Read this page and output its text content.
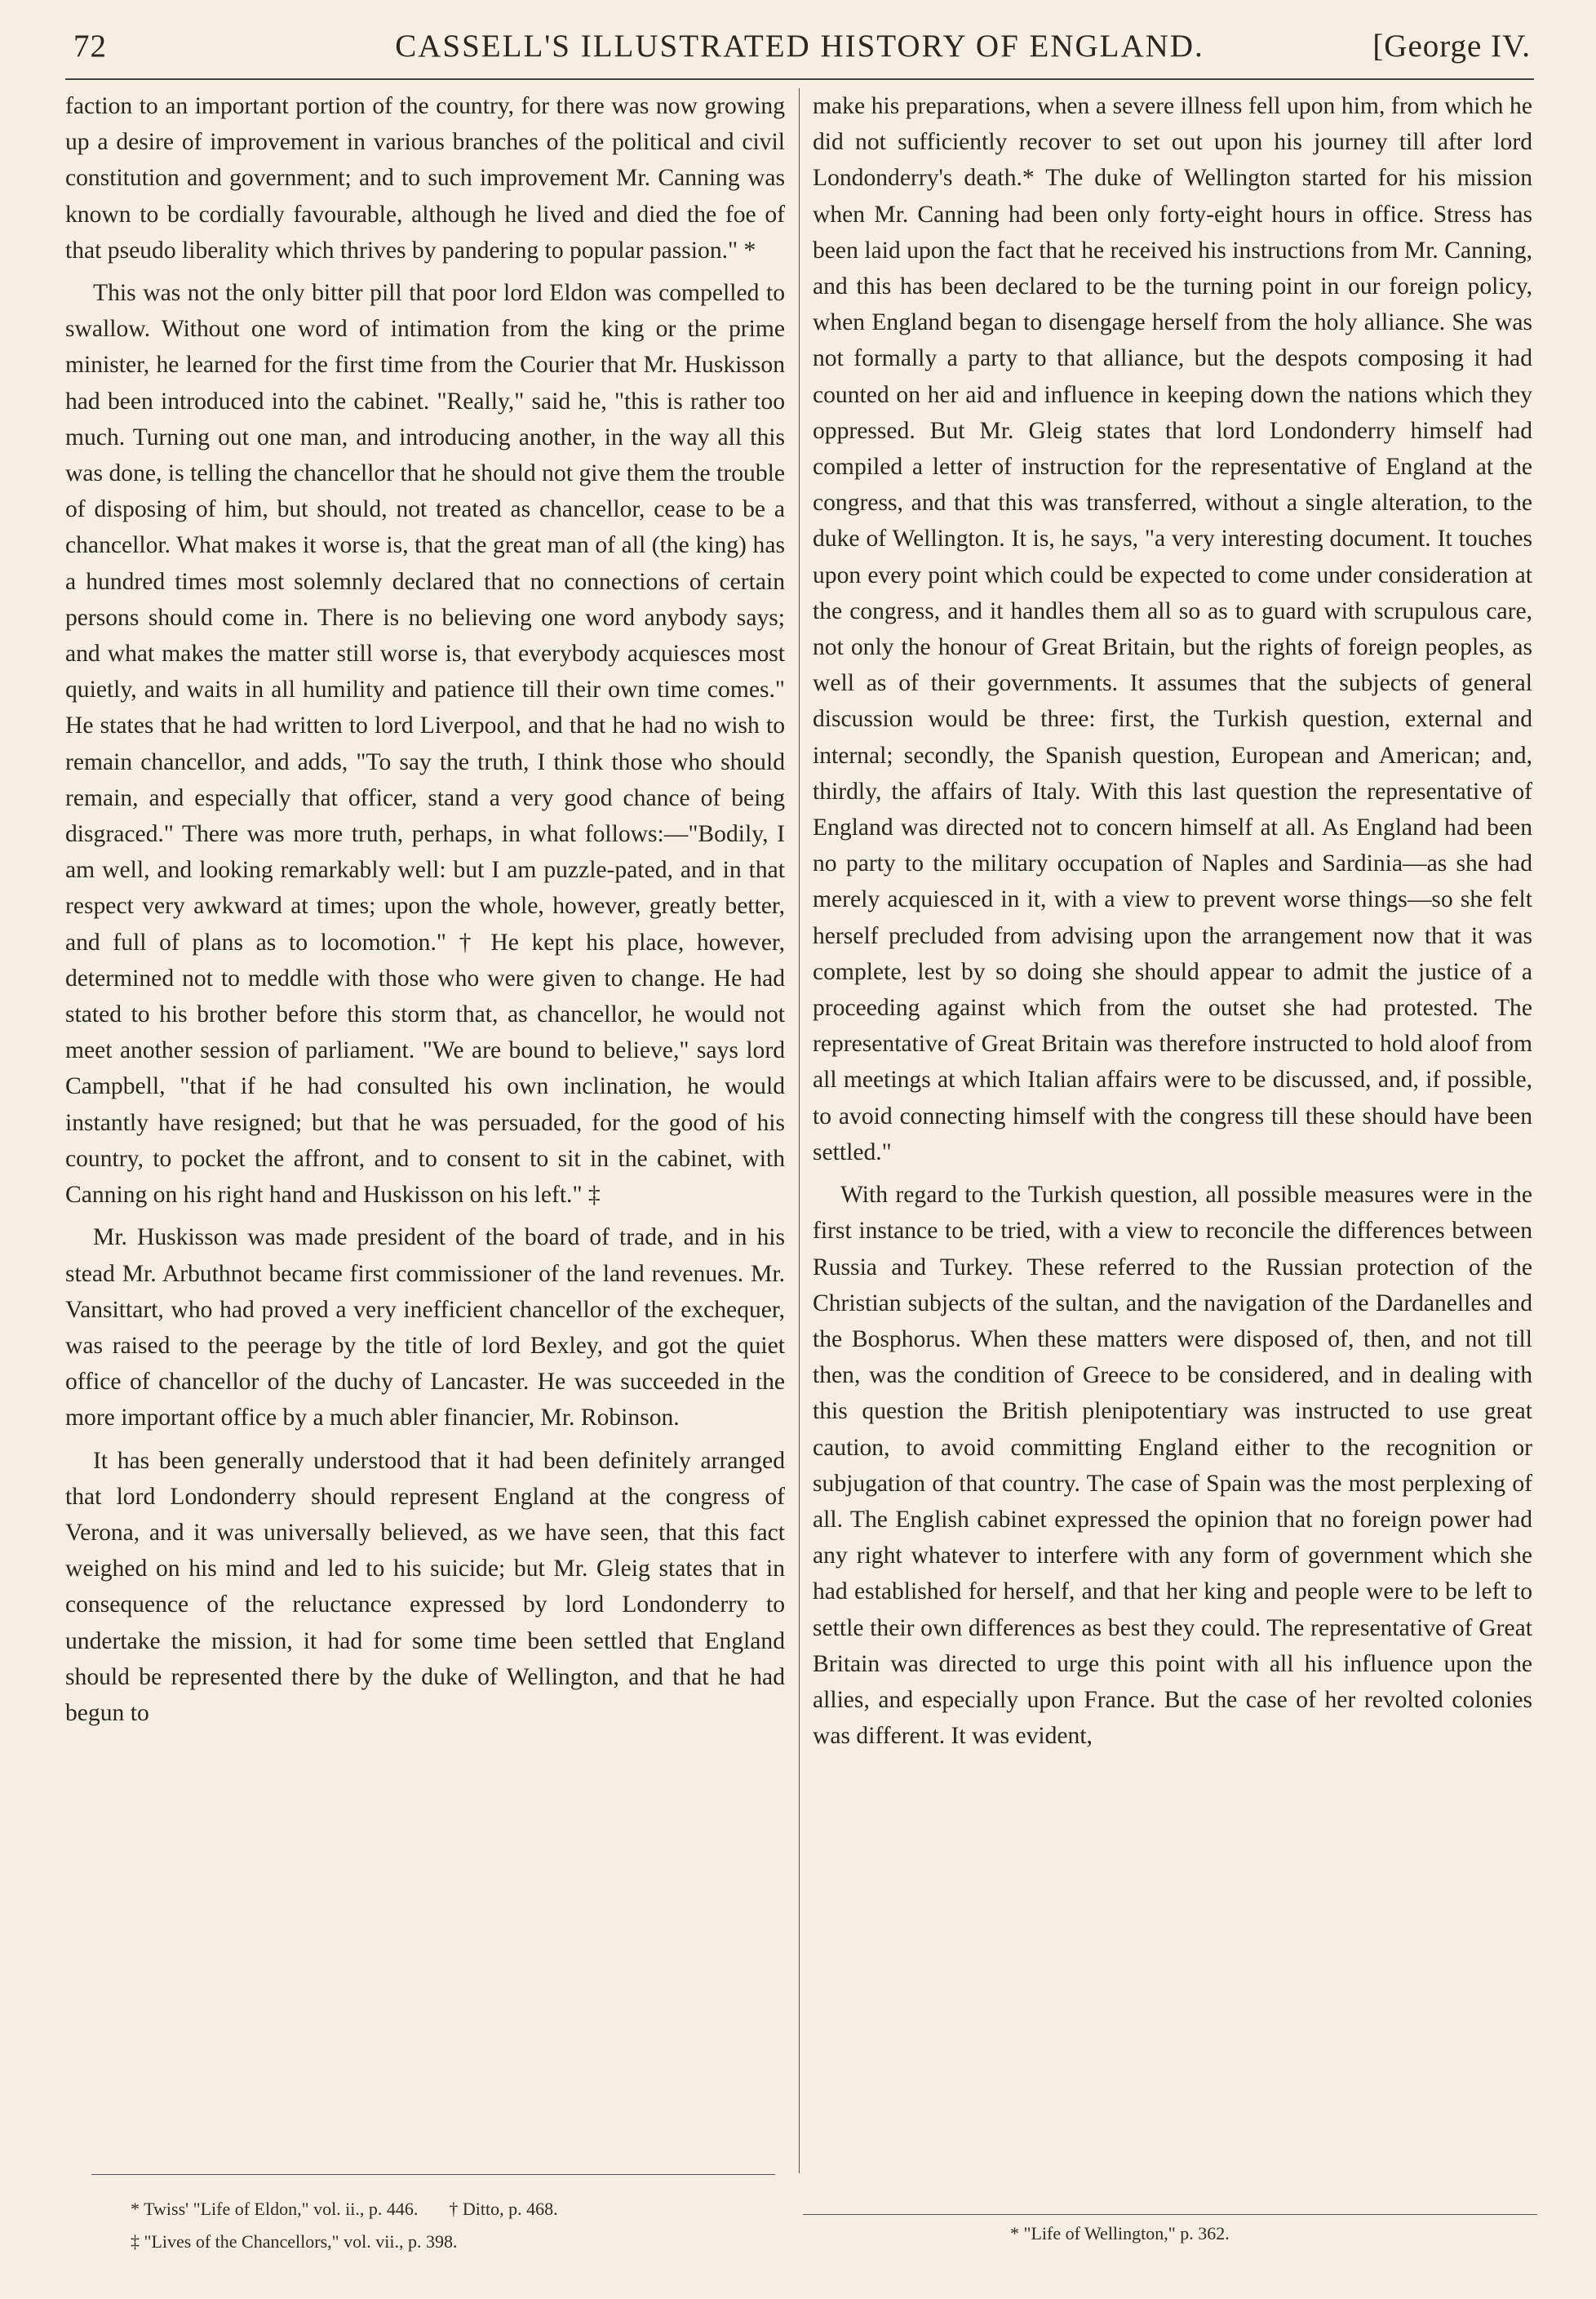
72	CASSELL'S ILLUSTRATED HISTORY OF ENGLAND.	[George IV.

faction to an important portion of the country, for there was now growing up a desire of improvement in various branches of the political and civil constitution and government; and to such improvement Mr. Canning was known to be cordially favourable, although he lived and died the foe of that pseudo liberality which thrives by pandering to popular passion." *

This was not the only bitter pill that poor lord Eldon was compelled to swallow. Without one word of intimation from the king or the prime minister, he learned for the first time from the Courier that Mr. Huskisson had been introduced into the cabinet. "Really," said he, "this is rather too much. Turning out one man, and introducing another, in the way all this was done, is telling the chancellor that he should not give them the trouble of disposing of him, but should, not treated as chancellor, cease to be a chancellor. What makes it worse is, that the great man of all (the king) has a hundred times most solemnly declared that no connections of certain persons should come in. There is no believing one word anybody says; and what makes the matter still worse is, that everybody acquiesces most quietly, and waits in all humility and patience till their own time comes." He states that he had written to lord Liverpool, and that he had no wish to remain chancellor, and adds, "To say the truth, I think those who should remain, and especially that officer, stand a very good chance of being disgraced." There was more truth, perhaps, in what follows:—"Bodily, I am well, and looking remarkably well: but I am puzzle-pated, and in that respect very awkward at times; upon the whole, however, greatly better, and full of plans as to locomotion." † He kept his place, however, determined not to meddle with those who were given to change. He had stated to his brother before this storm that, as chancellor, he would not meet another session of parliament. "We are bound to believe," says lord Campbell, "that if he had consulted his own inclination, he would instantly have resigned; but that he was persuaded, for the good of his country, to pocket the affront, and to consent to sit in the cabinet, with Canning on his right hand and Huskisson on his left." ‡

Mr. Huskisson was made president of the board of trade, and in his stead Mr. Arbuthnot became first commissioner of the land revenues. Mr. Vansittart, who had proved a very inefficient chancellor of the exchequer, was raised to the peerage by the title of lord Bexley, and got the quiet office of chancellor of the duchy of Lancaster. He was succeeded in the more important office by a much abler financier, Mr. Robinson.

It has been generally understood that it had been definitely arranged that lord Londonderry should represent England at the congress of Verona, and it was universally believed, as we have seen, that this fact weighed on his mind and led to his suicide; but Mr. Gleig states that in consequence of the reluctance expressed by lord Londonderry to undertake the mission, it had for some time been settled that England should be represented there by the duke of Wellington, and that he had begun to

make his preparations, when a severe illness fell upon him, from which he did not sufficiently recover to set out upon his journey till after lord Londonderry's death.* The duke of Wellington started for his mission when Mr. Canning had been only forty-eight hours in office. Stress has been laid upon the fact that he received his instructions from Mr. Canning, and this has been declared to be the turning point in our foreign policy, when England began to disengage herself from the holy alliance. She was not formally a party to that alliance, but the despots composing it had counted on her aid and influence in keeping down the nations which they oppressed. But Mr. Gleig states that lord Londonderry himself had compiled a letter of instruction for the representative of England at the congress, and that this was transferred, without a single alteration, to the duke of Wellington. It is, he says, "a very interesting document. It touches upon every point which could be expected to come under consideration at the congress, and it handles them all so as to guard with scrupulous care, not only the honour of Great Britain, but the rights of foreign peoples, as well as of their governments. It assumes that the subjects of general discussion would be three: first, the Turkish question, external and internal; secondly, the Spanish question, European and American; and, thirdly, the affairs of Italy. With this last question the representative of England was directed not to concern himself at all. As England had been no party to the military occupation of Naples and Sardinia—as she had merely acquiesced in it, with a view to prevent worse things—so she felt herself precluded from advising upon the arrangement now that it was complete, lest by so doing she should appear to admit the justice of a proceeding against which from the outset she had protested. The representative of Great Britain was therefore instructed to hold aloof from all meetings at which Italian affairs were to be discussed, and, if possible, to avoid connecting himself with the congress till these should have been settled."

With regard to the Turkish question, all possible measures were in the first instance to be tried, with a view to reconcile the differences between Russia and Turkey. These referred to the Russian protection of the Christian subjects of the sultan, and the navigation of the Dardanelles and the Bosphorus. When these matters were disposed of, then, and not till then, was the condition of Greece to be considered, and in dealing with this question the British plenipotentiary was instructed to use great caution, to avoid committing England either to the recognition or subjugation of that country. The case of Spain was the most perplexing of all. The English cabinet expressed the opinion that no foreign power had any right whatever to interfere with any form of government which she had established for herself, and that her king and people were to be left to settle their own differences as best they could. The representative of Great Britain was directed to urge this point with all his influence upon the allies, and especially upon France. But the case of her revolted colonies was different. It was evident,

* Twiss' "Life of Eldon," vol. ii., p. 446. † Ditto, p. 468.
‡ "Lives of the Chancellors," vol. vii., p. 398.	* "Life of Wellington," p. 362.
